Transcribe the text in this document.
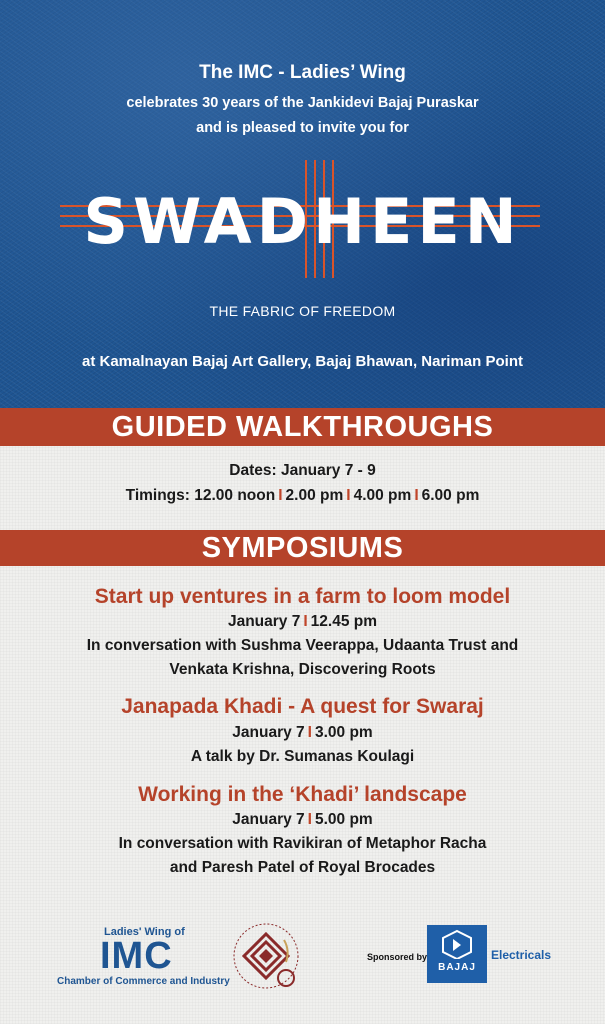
The IMC - Ladies’ Wing
celebrates 30 years of the Jankidevi Bajaj Puraskar
and is pleased to invite you for
SWADHEEN
THE FABRIC OF FREEDOM
at Kamalnayan Bajaj Art Gallery, Bajaj Bhawan, Nariman Point
GUIDED WALKTHROUGHS
Dates: January 7 - 9
Timings: 12.00 noon I 2.00 pm I 4.00 pm I 6.00 pm
SYMPOSIUMS
Start up ventures in a farm to loom model
January 7 I 12.45 pm
In conversation with Sushma Veerappa, Udaanta Trust and
Venkata Krishna, Discovering Roots
Janapada Khadi - A quest for Swaraj
January 7 I 3.00 pm
A talk by Dr. Sumanas Koulagi
Working in the ‘Khadi’ landscape
January 7 I 5.00 pm
In conversation with Ravikiran of Metaphor Racha
and Paresh Patel of Royal Brocades
Ladies' Wing of
IMC
Chamber of Commerce and Industry
Sponsored by
BAJAJ
Electricals
